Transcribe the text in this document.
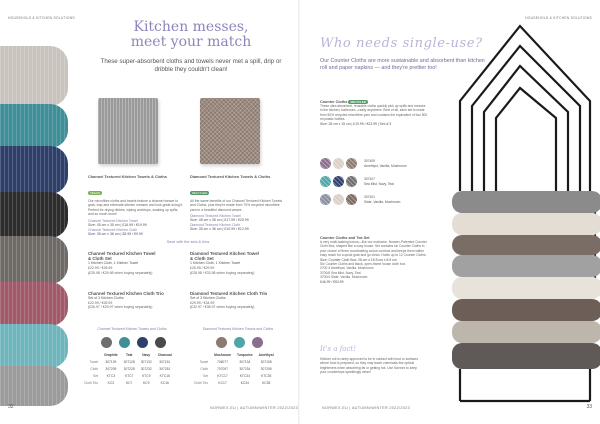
HOUSEHOLD & KITCHEN SOLUTIONS
Kitchen messes,
meet your match
These super-absorbent cloths and towels never met a spill, drip or dribble they couldn't clean!
Channel Textured Kitchen Towels & Cloths
VEGAN

Our microfibre cloths and towels feature a channel weave to grab, trap and eliminate kitchen messes and look great doing it. Perfect for drying dishes, wiping worktops, soaking up spills, and so much more!

Channel Textured Kitchen Towel
Size: 45 cm x 35 cm | £16.99 / €19.99
Channel Textured Kitchen Cloth
Size: 35 cm x 36 cm | £8.99 / €9.99
Diamond Textured Kitchen Towels & Cloths
RECYCLED

All the same benefits of our Channel Textured Kitchen Towels and Cloths, plus they're made from 70% recycled microfibre yarn in a beautiful diamond weave.

Diamond Textured Kitchen Towel
Size: 45 cm x 35 cm | £17.99 / €20.99
Diamond Textured Kitchen Cloth
Size: 35 cm x 36 cm | £10.99 / €12.99
Save with the sets & trios
Channel Textured Kitchen Towel
& Cloth Set
1 Kitchen Cloth, 1 Kitchen Towel
£22.99 / €25.99
(£25.98 / €29.98 when buying separately)
Diamond Textured Kitchen Towel
& Cloth Set
1 Kitchen Cloth, 1 Kitchen Towel
£25.99 / €29.99
(£28.98 / €33.98 when buying separately)
Channel Textured Kitchen Cloth Trio
Set of 3 Kitchen Cloths
£22.99 / €26.99
(£26.97 / €29.97 when buying separately)
Diamond Textured Kitchen Cloth Trio
Set of 3 Kitchen Cloths
£29.99 / €34.99
(£32.97 / €38.97 when buying separately)
Channel Textured Kitchen Towels and Cloths
	Graphite	Teal	Navy	Charcoal
Towel	307109	307128	307132	307151
Cloth	307209	307228	307232	307251
Set	KTC3	KTC7	KTC9	KTC16
Cloth Trio	KC3	KC7	KC9	KC16
Diamond Textured Kitchen Towels and Cloths
	Mushroom	Turquoise	Amethyst
Towel	706077	307134	307155
Cloth	707097	307234	307255
Set	KTC17	KTC34	KTC35
Cloth Trio	KC17	KC34	KC35
32	NORWEX.EU | AUTUMN/WINTER 2022/2023
HOUSEHOLD & KITCHEN SOLUTIONS
Who needs single-use?
Our Counter Cloths are more sustainable and absorbent than kitchen roll and paper napkins — and they're prettier too!
Counter Cloths RECYCLED

These ultra absorbent, reusable cloths quickly pick up spills and messes in the kitchen, bathroom—really anywhere. Best of all, each set is made from 50% recycled microfibre yarn and contains the equivalent of two 500 ml plastic bottles.

Size: 28 cm x 15 cm | £19.99 / €23.99 | Set of 3
307409
Amethyst, Vanilla, Mushroom
307407
Sea Mist, Navy, Teal
307401
Slate, Vanilla, Mushroom
Counter Cloths and Tea Set

A very multi-tasking bonus—like our exclusive, Norwex-Patented Counter Cloth Box, shaped like a cosy house. Set contains six Counter Cloths in your choice of three coordinating colour combos and keeps them within easy reach for a quick grab and go clean. Holds up to 12 Counter Cloths.

Size: Counter Cloth Box: 26 cm x 15.5 cm x 8.5 cm

Six Counter Cloths and black, open-frame house cloth box.

2700 4 Amethyst, Vanilla, Mushroom

3700/6 Sea Mist, Navy, Teal

3700/4 Slate, Vanilla, Mushroom

£46.99 / €53.99
It's a fact!
Kitchen roll is rarely approved to be in contact with food or surfaces where food is prepared, so they may leach chemicals like optical brighteners when absorbing fat or getting hot. Use Norwex to keep your countertops sparklingly clean!
NORWEX.EU | AUTUMN/WINTER 2022/2023	33
